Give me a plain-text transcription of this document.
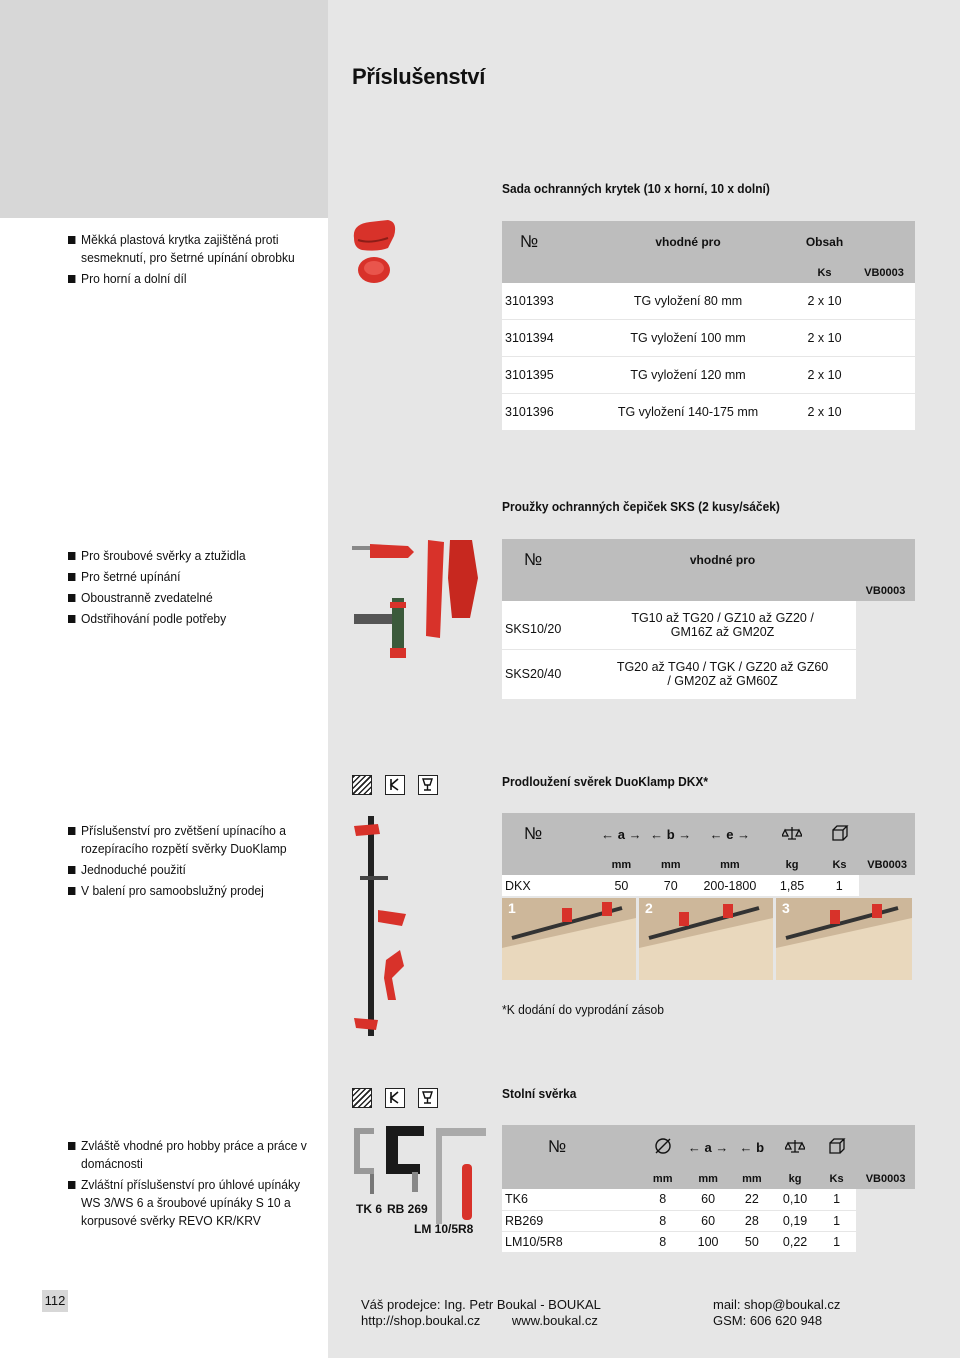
Příslušenství
Sada ochranných krytek (10 x horní, 10 x dolní)
Měkká plastová krytka zajištěná proti sesmeknutí, pro šetrné upínání obrobku
Pro horní a dolní díl
№	vhodné pro	Obsah	
		Ks	VB0003
3101393	TG vyložení 80 mm	2 x 10	
3101394	TG vyložení 100 mm	2 x 10	
3101395	TG vyložení 120 mm	2 x 10	
3101396	TG vyložení 140-175 mm	2 x 10	
Proužky ochranných čepiček SKS (2 kusy/sáček)
Pro šroubové svěrky a ztužidla
Pro šetrné upínání
Oboustranně zvedatelné
Odstřihování podle potřeby
№	vhodné pro	
		VB0003
SKS10/20	TG10 až TG20 / GZ10 až GZ20 / GM16Z až GM20Z	
SKS20/40	TG20 až TG40 / TGK / GZ20 až GZ60 / GM20Z až GM60Z	
Prodloužení svěrek DuoKlamp DKX*
Příslušenství pro zvětšení upínacího a rozepíracího rozpětí svěrky DuoKlamp
Jednoduché použití
V balení pro samoobslužný prodej
№	← a →	← b →	← e →			
	mm	mm	mm	kg	Ks	VB0003
DKX	50	70	200-1800	1,85	1	
1	2	3
*K dodání do vyprodání zásob
Stolní svěrka
Zvláště vhodné pro hobby práce a práce v domácnosti
Zvláštní příslušenství pro úhlové upínáky WS 3/WS 6 a šroubové upínáky S 10 a korpusové svěrky REVO KR/KRV
TK 6 RB 269
LM 10/5R8
№		← a →	← b			
	mm	mm	mm	kg	Ks	VB0003
TK6	8	60	22	0,10	1	
RB269	8	60	28	0,19	1	
LM10/5R8	8	100	50	0,22	1	
112	Váš prodejce: Ing. Petr Boukal - BOUKAL
http://shop.boukal.cz www.boukal.cz
mail: shop@boukal.cz
GSM: 606 620 948
